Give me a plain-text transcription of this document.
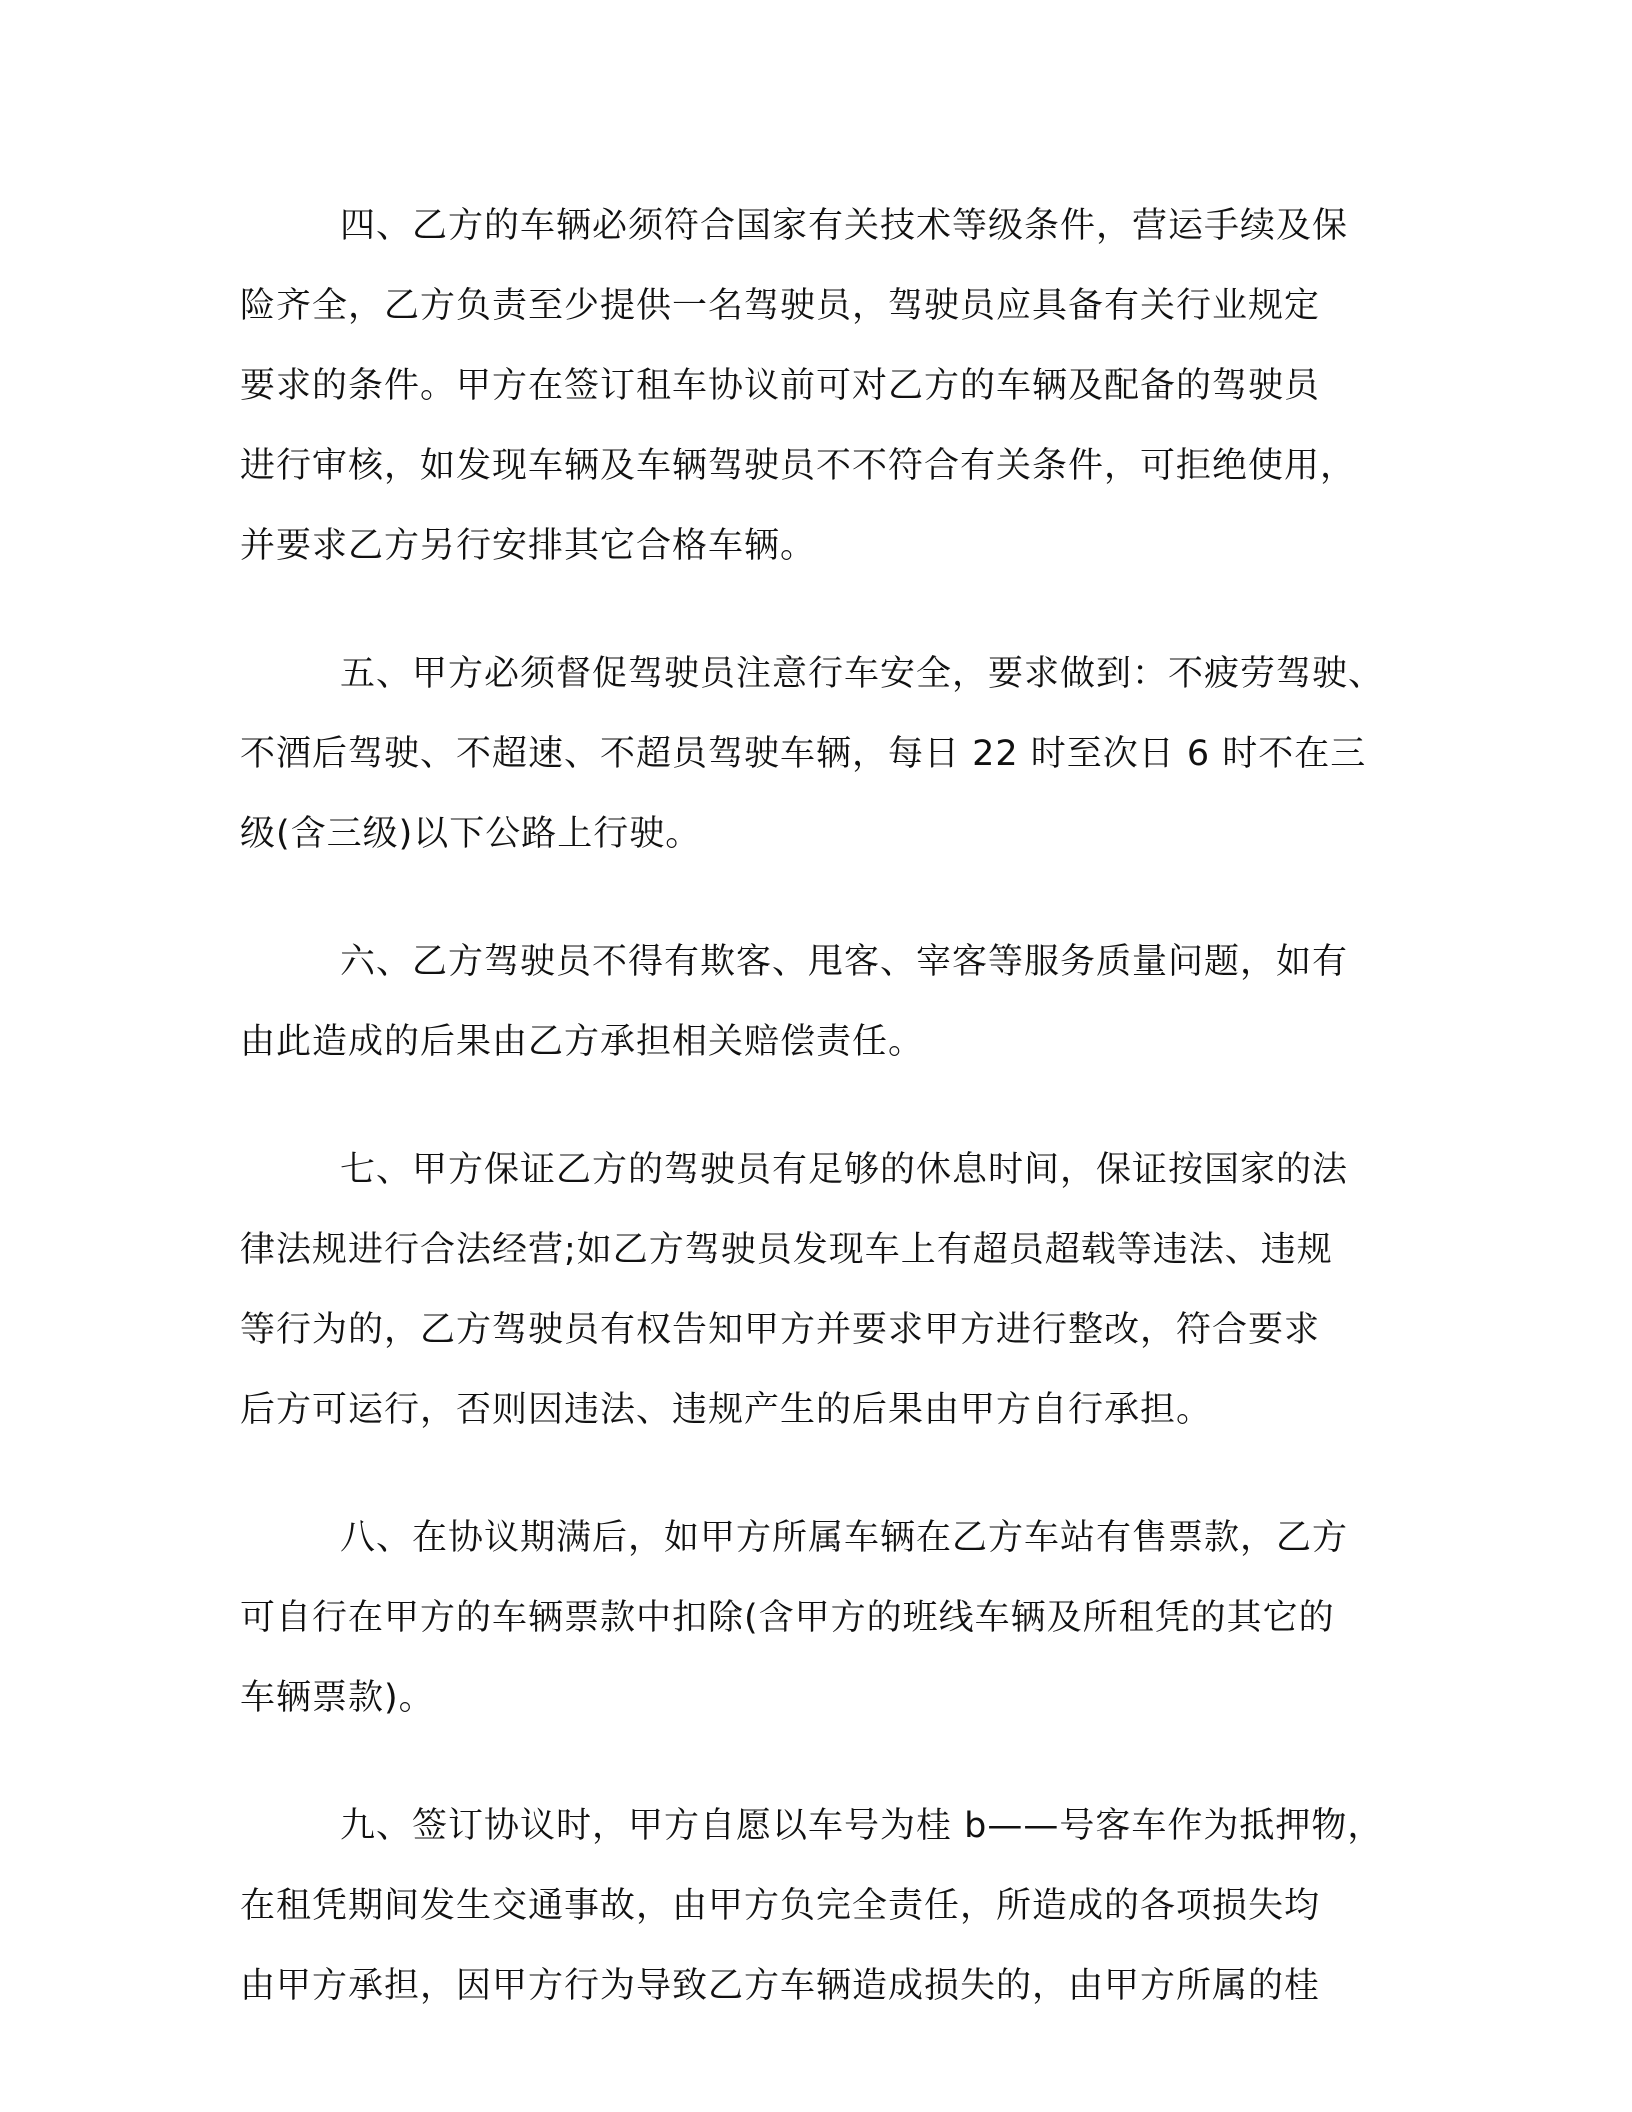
四、乙方的车辆必须符合国家有关技术等级条件，营运手续及保
险齐全，乙方负责至少提供一名驾驶员，驾驶员应具备有关行业规定
要求的条件。甲方在签订租车协议前可对乙方的车辆及配备的驾驶员
进行审核，如发现车辆及车辆驾驶员不不符合有关条件，可拒绝使用，
并要求乙方另行安排其它合格车辆。
五、甲方必须督促驾驶员注意行车安全，要求做到：不疲劳驾驶、
不酒后驾驶、不超速、不超员驾驶车辆，每日 22 时至次日 6 时不在三
级(含三级)以下公路上行驶。
六、乙方驾驶员不得有欺客、甩客、宰客等服务质量问题，如有
由此造成的后果由乙方承担相关赔偿责任。
七、甲方保证乙方的驾驶员有足够的休息时间，保证按国家的法
律法规进行合法经营;如乙方驾驶员发现车上有超员超载等违法、违规
等行为的，乙方驾驶员有权告知甲方并要求甲方进行整改，符合要求
后方可运行，否则因违法、违规产生的后果由甲方自行承担。
八、在协议期满后，如甲方所属车辆在乙方车站有售票款，乙方
可自行在甲方的车辆票款中扣除(含甲方的班线车辆及所租凭的其它的
车辆票款)。
九、签订协议时，甲方自愿以车号为桂 b——号客车作为抵押物，
在租凭期间发生交通事故，由甲方负完全责任，所造成的各项损失均
由甲方承担，因甲方行为导致乙方车辆造成损失的，由甲方所属的桂
